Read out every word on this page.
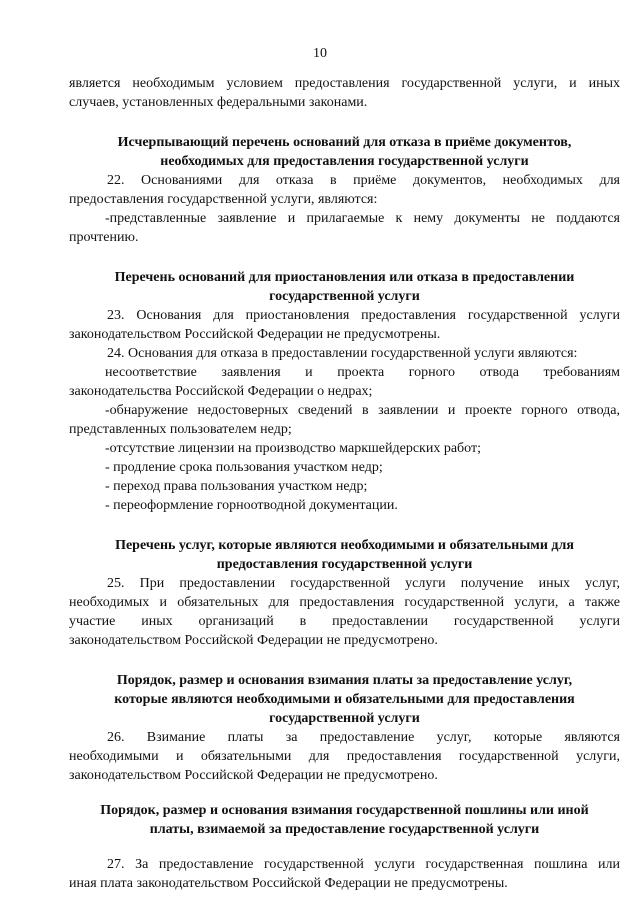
10
является необходимым условием предоставления государственной услуги, и иных
случаев, установленных федеральными законами.
Исчерпывающий перечень оснований для отказа в приёме документов,
необходимых для предоставления государственной услуги
22. Основаниями для отказа в приёме документов, необходимых для
предоставления государственной услуги, являются:
-представленные заявление и прилагаемые к нему документы не поддаются
прочтению.
Перечень оснований для приостановления или отказа в предоставлении
государственной услуги
23. Основания для приостановления предоставления государственной услуги
законодательством Российской Федерации не предусмотрены.
24. Основания для отказа в предоставлении государственной услуги являются:
несоответствие заявления и проекта горного отвода требованиям
законодательства Российской Федерации о недрах;
-обнаружение недостоверных сведений в заявлении и проекте горного отвода,
представленных пользователем недр;
-отсутствие лицензии на производство маркшейдерских работ;
- продление срока пользования участком недр;
- переход права пользования участком недр;
- переоформление горноотводной документации.
Перечень услуг, которые являются необходимыми и обязательными для
предоставления государственной услуги
25. При предоставлении государственной услуги получение иных услуг,
необходимых и обязательных для предоставления государственной услуги, а также
участие иных организаций в предоставлении государственной услуги
законодательством Российской Федерации не предусмотрено.
Порядок, размер и основания взимания платы за предоставление услуг,
которые являются необходимыми и обязательными для предоставления
государственной услуги
26. Взимание платы за предоставление услуг, которые являются
необходимыми и обязательными для предоставления государственной услуги,
законодательством Российской Федерации не предусмотрено.
Порядок, размер и основания взимания государственной пошлины или иной
платы, взимаемой за предоставление государственной услуги
27. За предоставление государственной услуги государственная пошлина или
иная плата законодательством Российской Федерации не предусмотрены.
